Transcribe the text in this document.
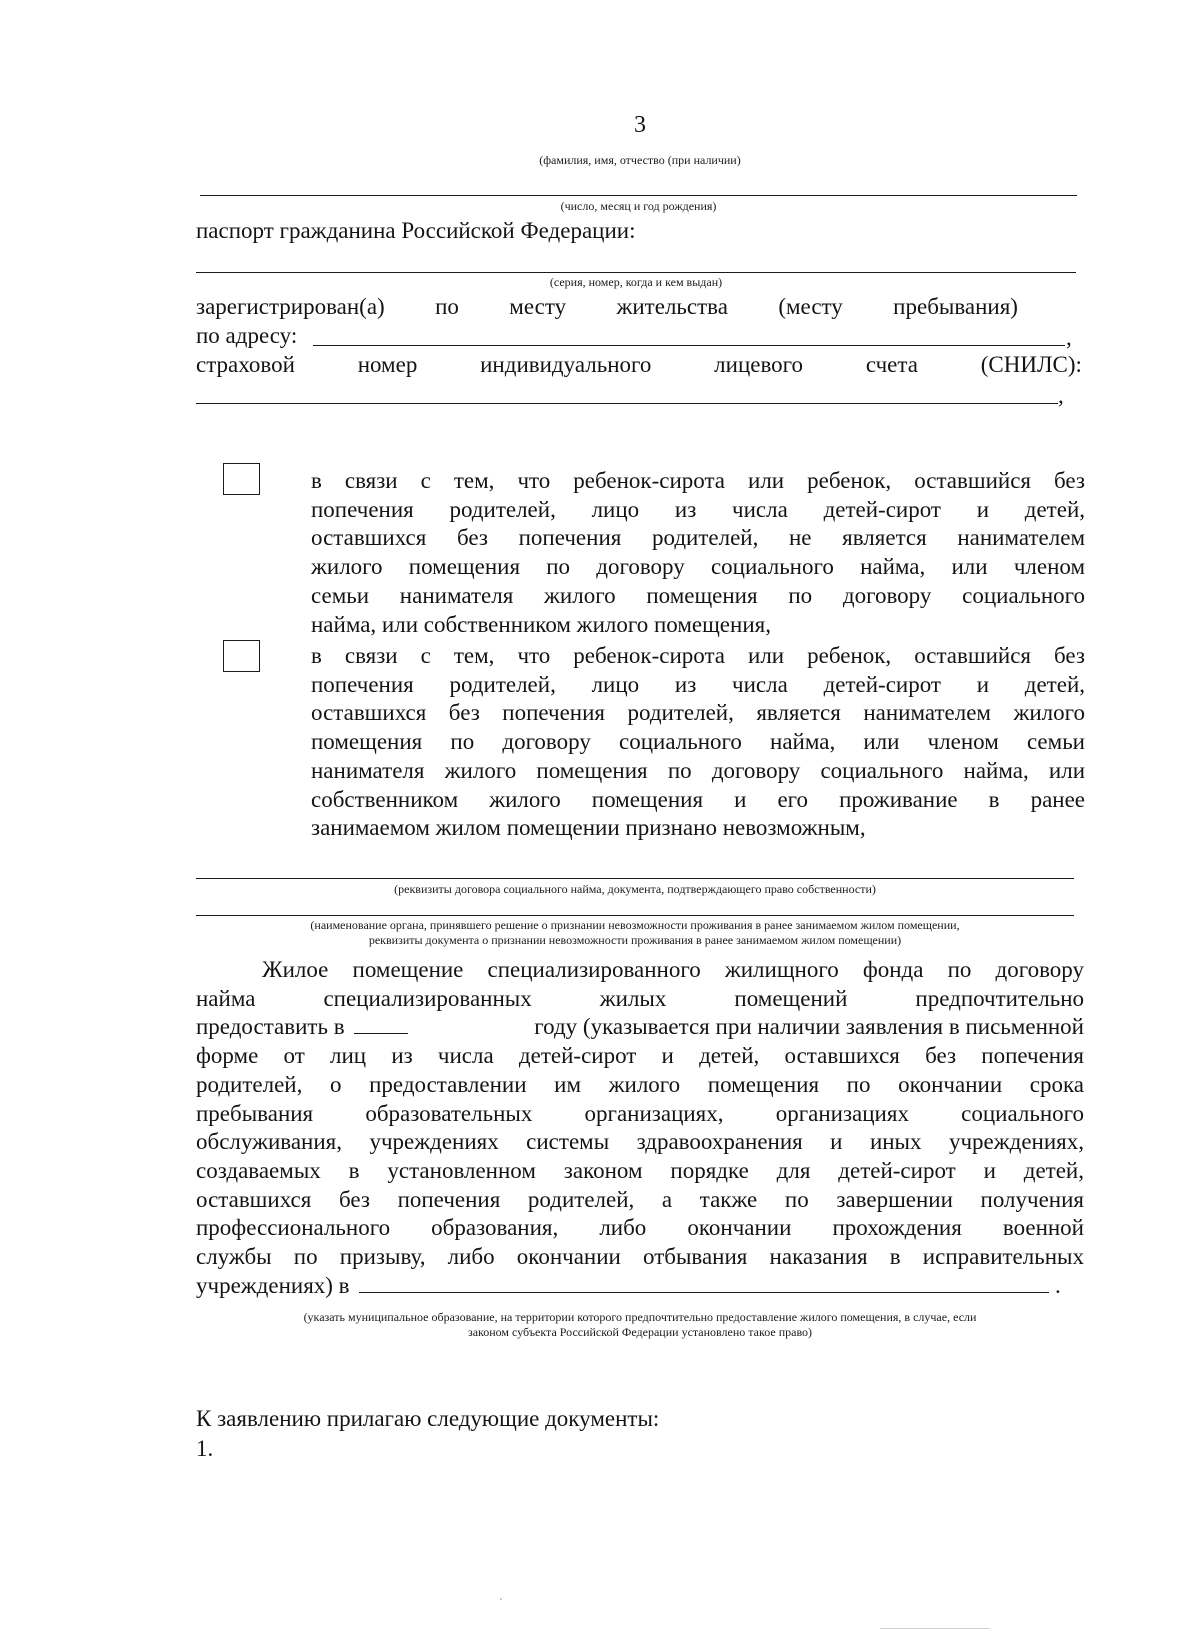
3
(фамилия, имя, отчество (при наличии)
(число, месяц и год рождения)
паспорт гражданина Российской Федерации:
(серия, номер, когда и кем выдан)
зарегистрирован(а) по месту жительства (месту пребывания)
по адресу:	,
страховой	номер	индивидуального	лицевого	счета	(СНИЛС):
,
в связи с тем, что ребенок-сирота или ребенок, оставшийся без
попечения родителей, лицо из числа детей-сирот и детей,
оставшихся без попечения родителей, не является нанимателем
жилого помещения по договору социального найма, или членом
семьи нанимателя жилого помещения по договору социального
найма, или собственником жилого помещения,
в связи с тем, что ребенок-сирота или ребенок, оставшийся без
попечения родителей, лицо из числа детей-сирот и детей,
оставшихся без попечения родителей, является нанимателем жилого
помещения по договору социального найма, или членом семьи
нанимателя жилого помещения по договору социального найма, или
собственником жилого помещения и его проживание в ранее
занимаемом жилом помещении признано невозможным,
(реквизиты договора социального найма, документа, подтверждающего право собственности)
(наименование органа, принявшего решение о признании невозможности проживания в ранее занимаемом жилом помещении,
реквизиты документа о признании невозможности проживания в ранее занимаемом жилом помещении)
Жилое помещение специализированного жилищного фонда по договору
найма	специализированных	жилых	помещений	предпочтительно
предоставить в	году (указывается при наличии заявления в письменной
форме от лиц из числа детей-сирот и детей, оставшихся без попечения
родителей, о предоставлении им жилого помещения по окончании срока
пребывания образовательных организациях, организациях социального
обслуживания, учреждениях системы здравоохранения и иных учреждениях,
создаваемых в установленном законом порядке для детей-сирот и детей,
оставшихся без попечения родителей, а также по завершении получения
профессионального образования, либо окончании прохождения военной
службы по призыву, либо окончании отбывания наказания в исправительных
учреждениях) в	.
(указать муниципальное образование, на территории которого предпочтительно предоставление жилого помещения, в случае, если
законом субъекта Российской Федерации установлено такое право)
К заявлению прилагаю следующие документы:
1.
